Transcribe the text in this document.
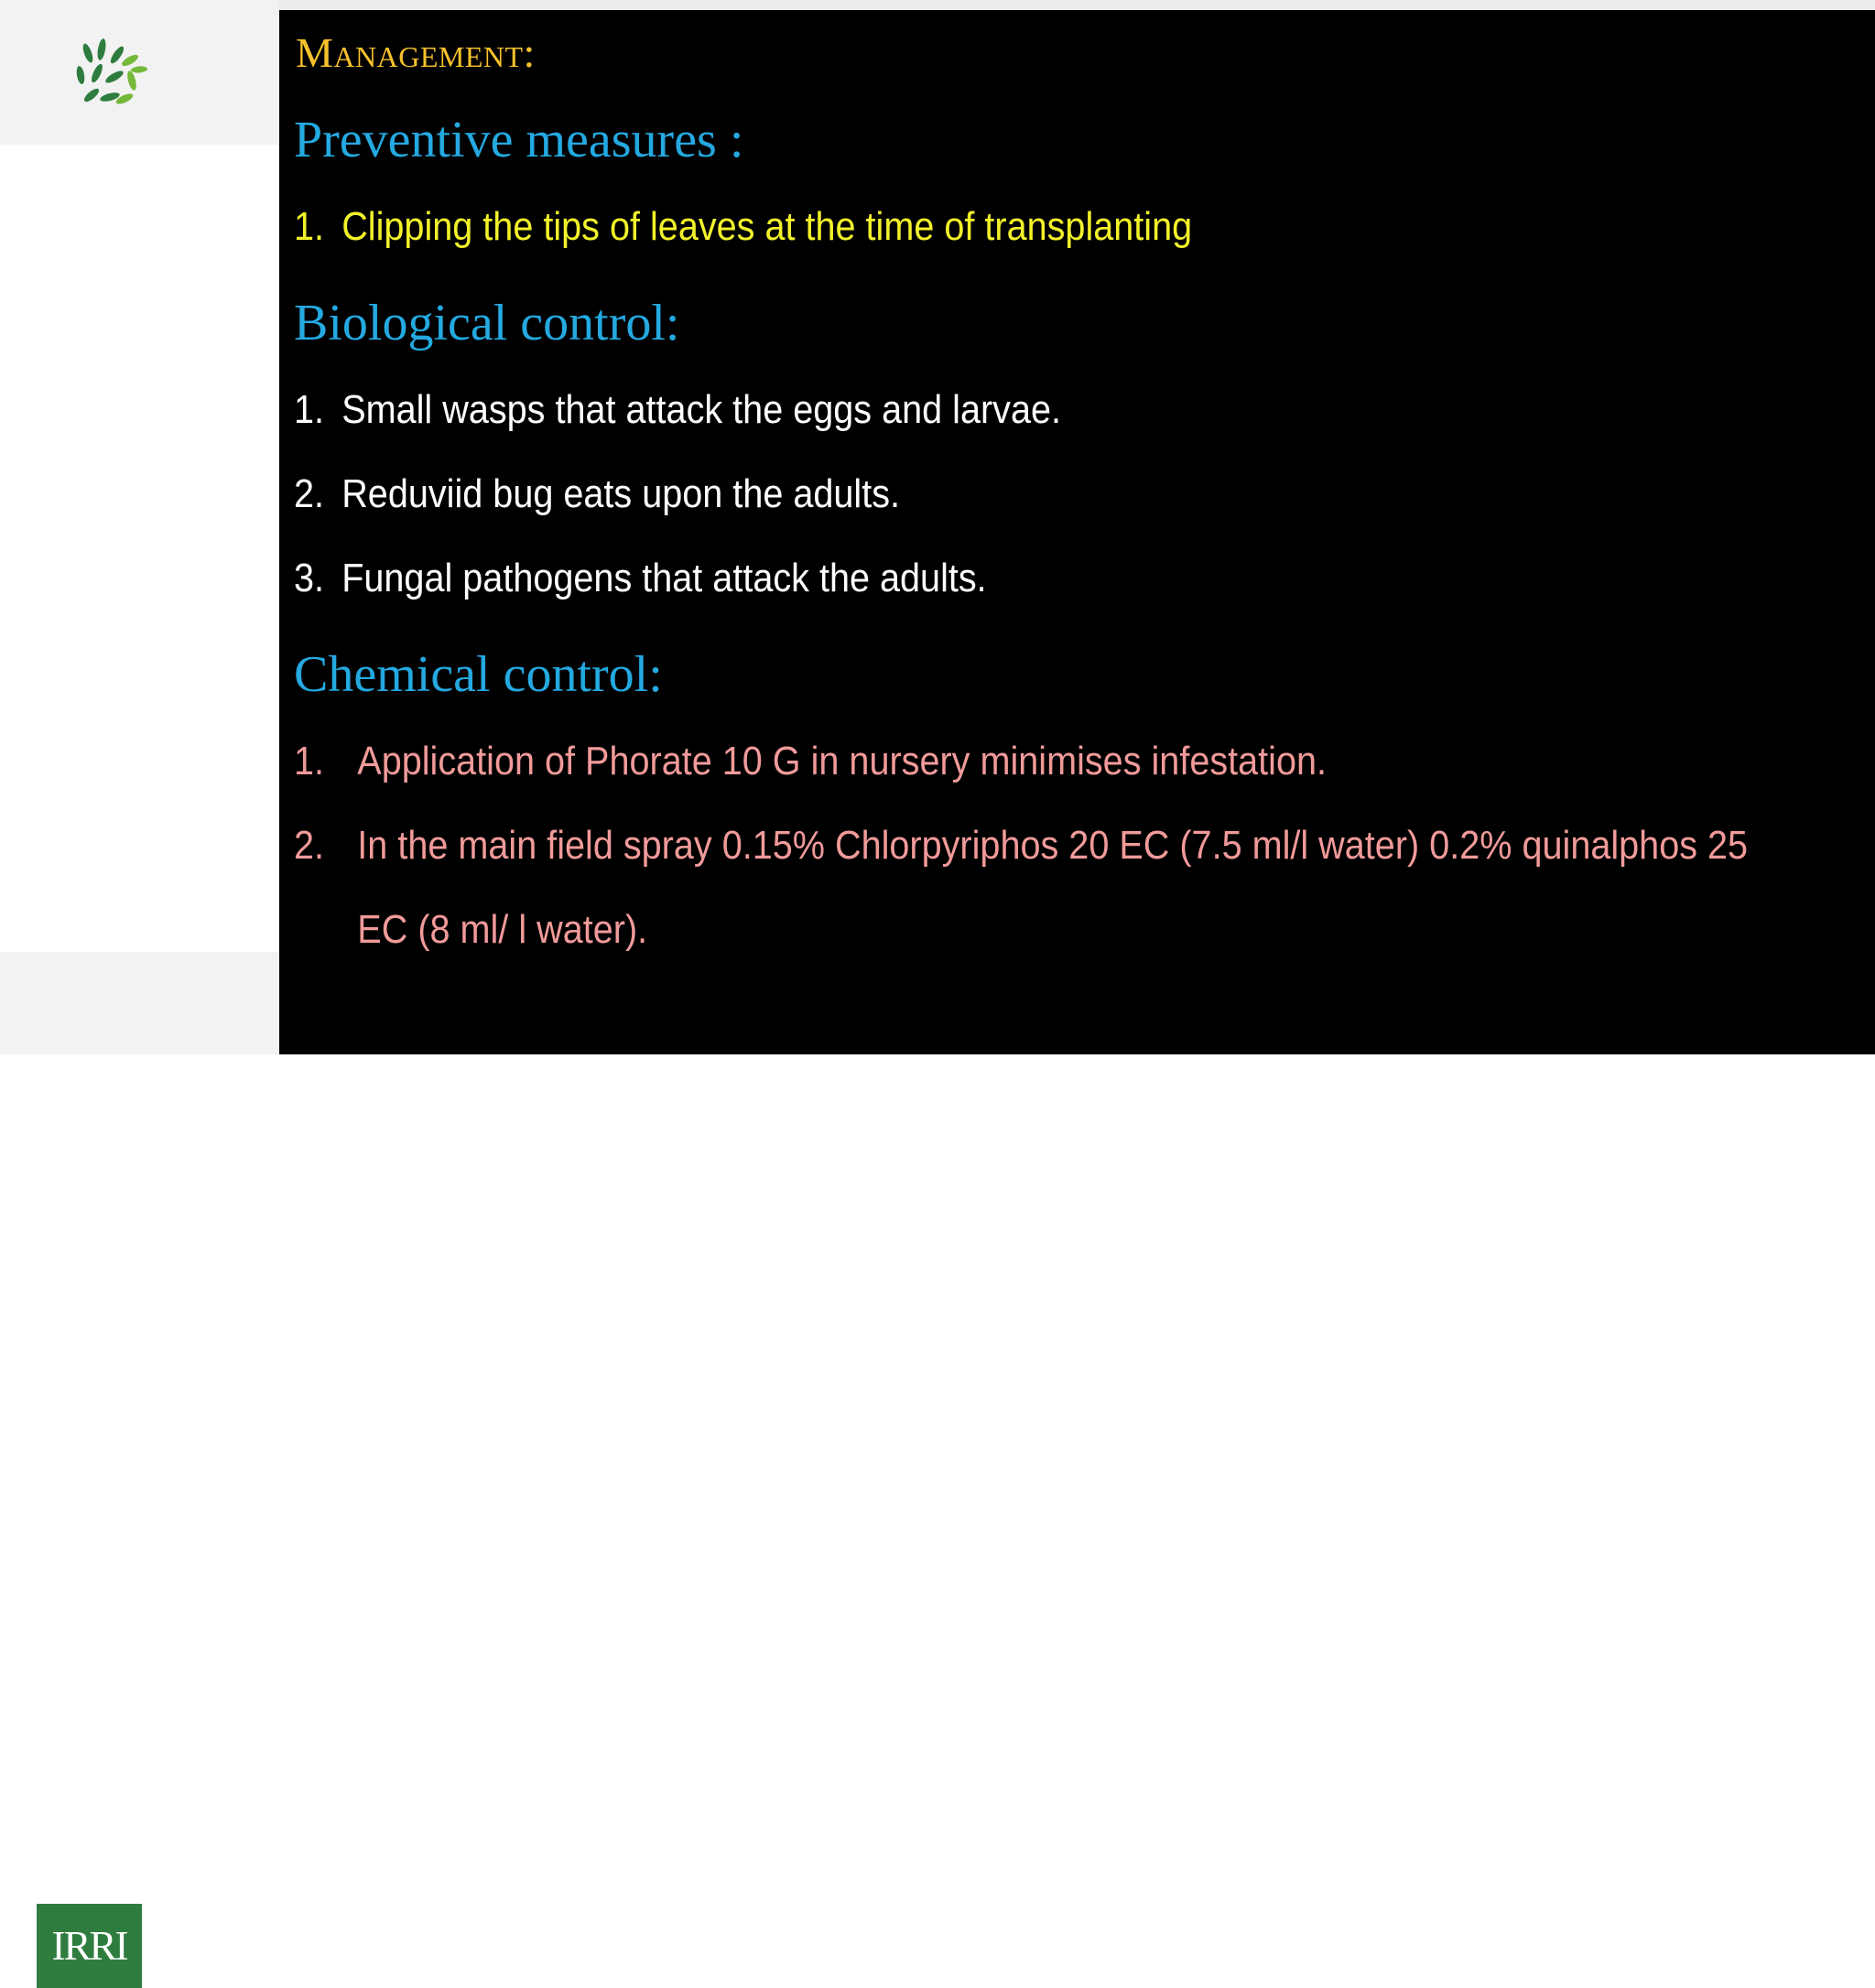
IRRI
Management:
Preventive measures :
1. Clipping the tips of leaves at the time of transplanting
Biological control:
1. Small wasps that attack the eggs and larvae.
2. Reduviid bug eats upon the adults.
3. Fungal pathogens that attack the adults.
Chemical control:
1. Application of Phorate 10 G in nursery minimises infestation.
2. In the main field spray 0.15% Chlorpyriphos 20 EC (7.5 ml/l water) 0.2% quinalphos 25
EC (8 ml/ l water).
